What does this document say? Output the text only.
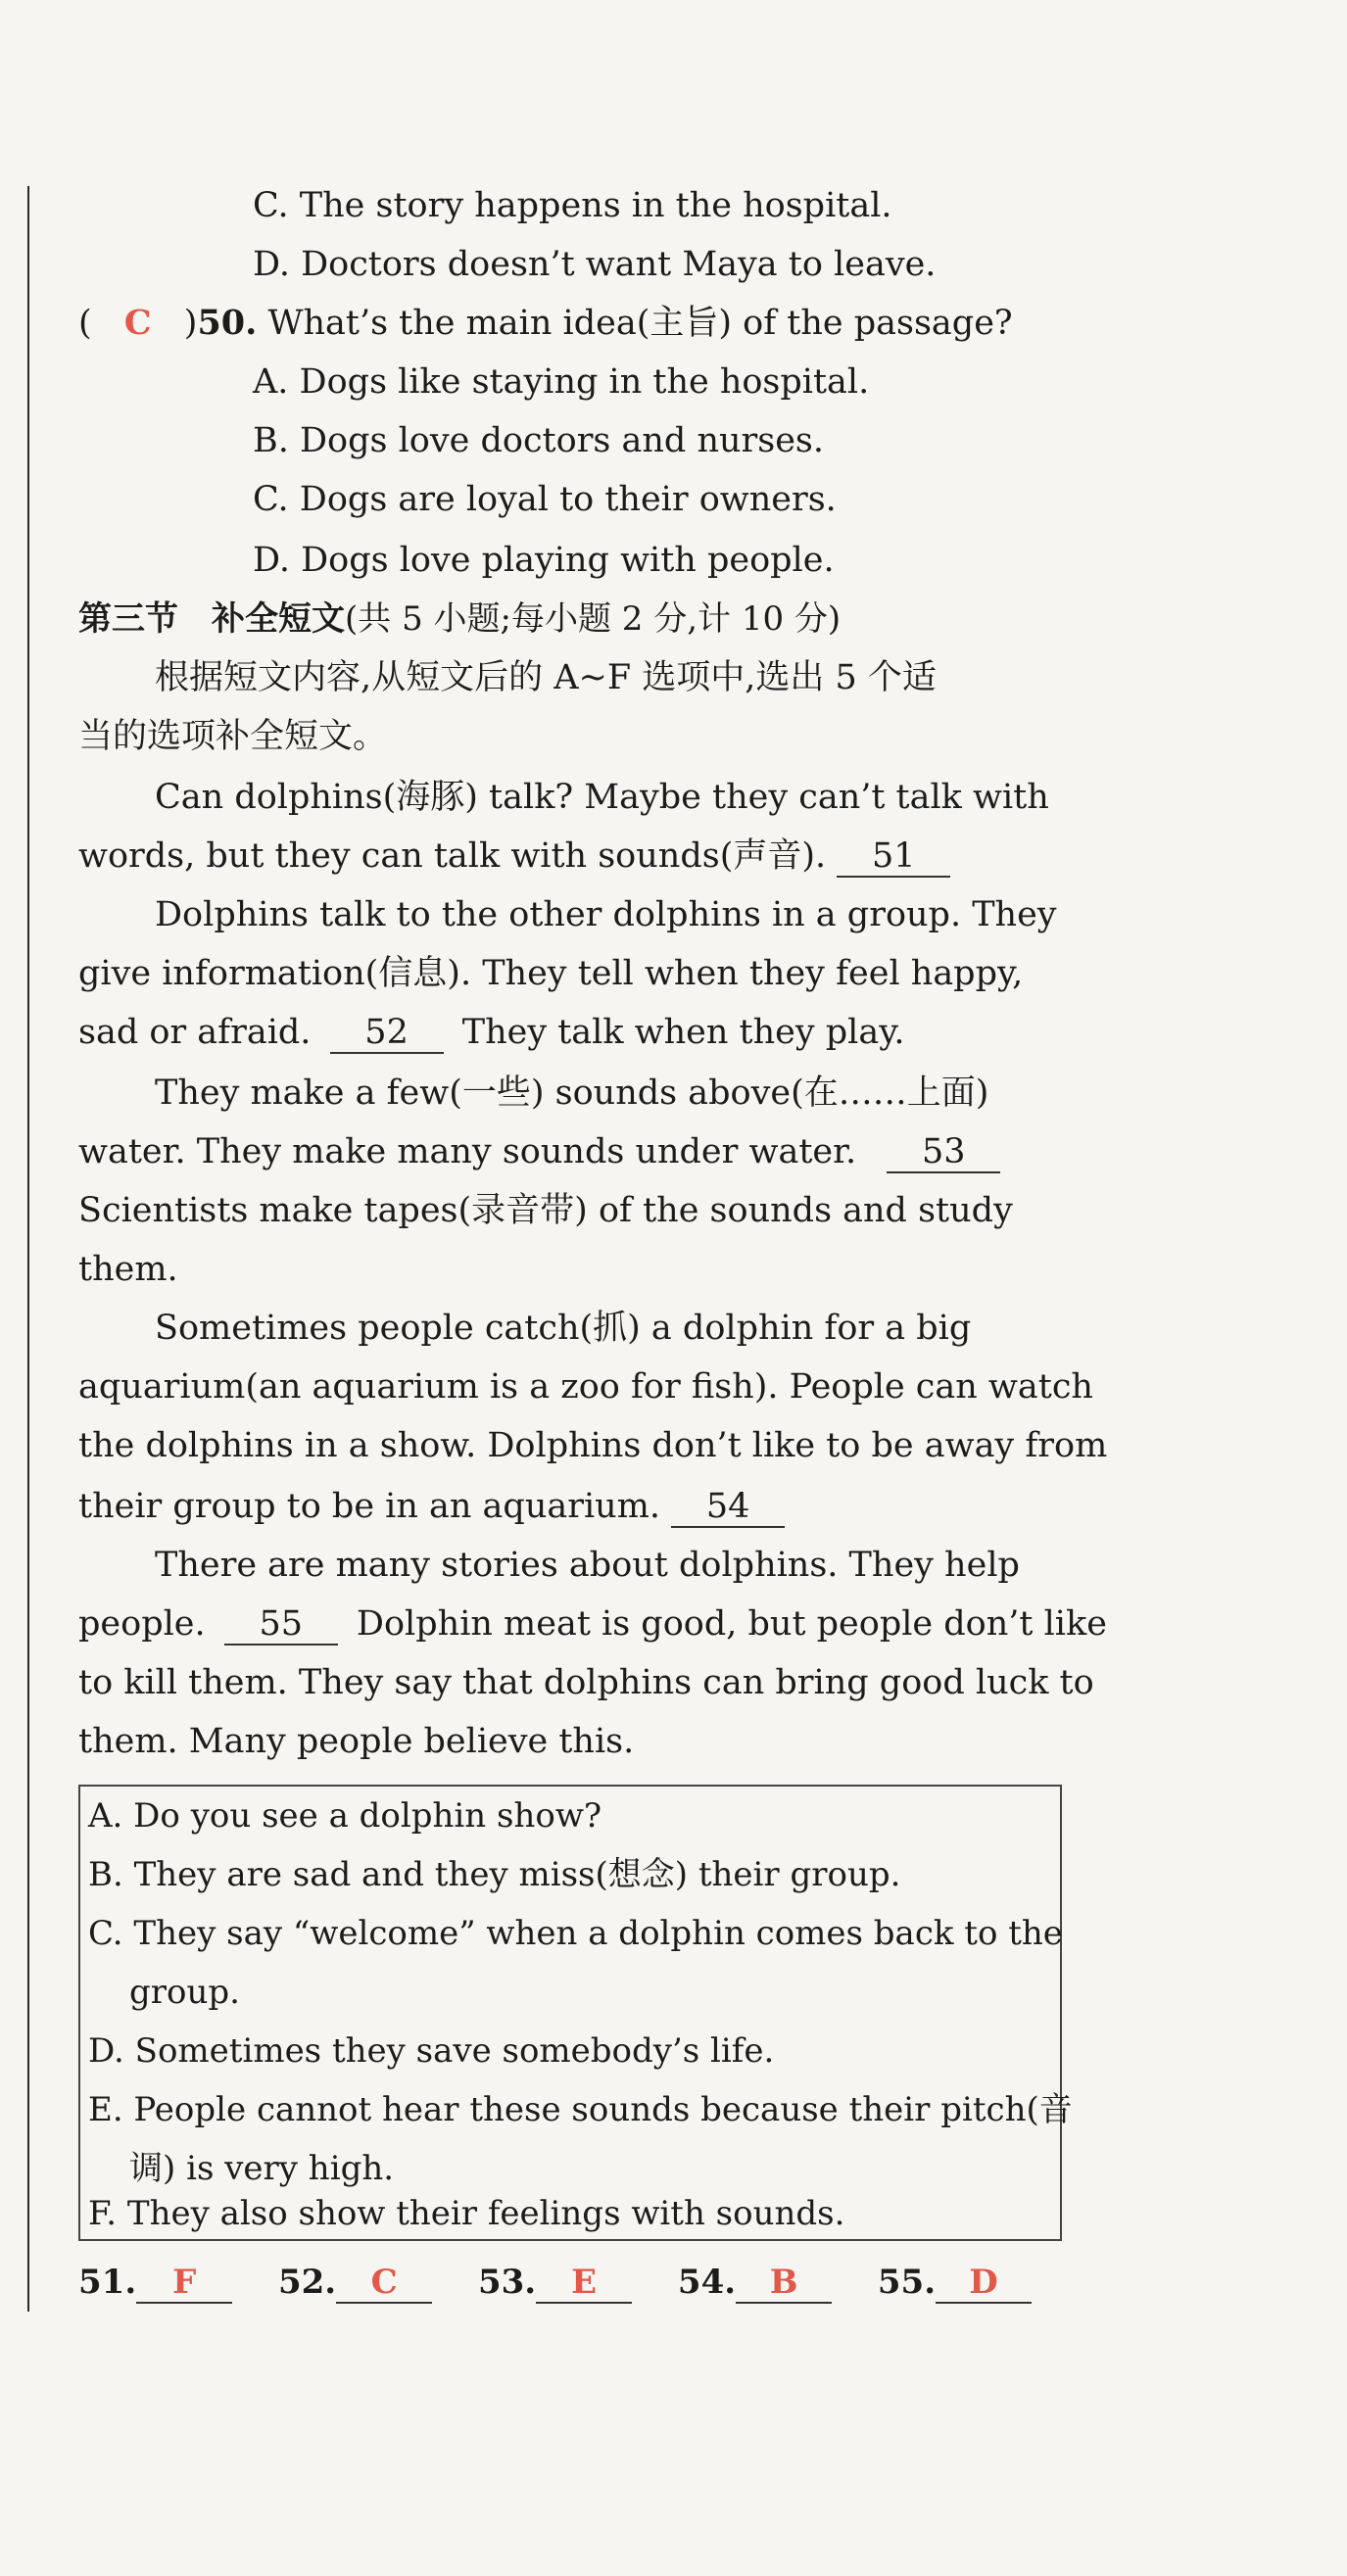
C. The story happens in the hospital.
D. Doctors doesn’t want Maya to leave.
( C )50. What’s the main idea(主旨) of the passage?
A. Dogs like staying in the hospital.
B. Dogs love doctors and nurses.
C. Dogs are loyal to their owners.
D. Dogs love playing with people.
第三节　补全短文(共 5 小题;每小题 2 分,计 10 分)
根据短文内容,从短文后的 A~F 选项中,选出 5 个适
当的选项补全短文。
Can dolphins(海豚) talk? Maybe they can’t talk with
words, but they can talk with sounds(声音). 51
Dolphins talk to the other dolphins in a group. They
give information(信息). They tell when they feel happy,
sad or afraid. 52 They talk when they play.
They make a few(一些) sounds above(在……上面)
water. They make many sounds under water. 53
Scientists make tapes(录音带) of the sounds and study
them.
Sometimes people catch(抓) a dolphin for a big
aquarium(an aquarium is a zoo for fish). People can watch
the dolphins in a show. Dolphins don’t like to be away from
their group to be in an aquarium. 54
There are many stories about dolphins. They help
people. 55 Dolphin meat is good, but people don’t like
to kill them. They say that dolphins can bring good luck to
them. Many people believe this.
A. Do you see a dolphin show?
B. They are sad and they miss(想念) their group.
C. They say “welcome” when a dolphin comes back to the
group.
D. Sometimes they save somebody’s life.
E. People cannot hear these sounds because their pitch(音
调) is very high.
F. They also show their feelings with sounds.
51. F 52. C 53. E 54. B 55. D
